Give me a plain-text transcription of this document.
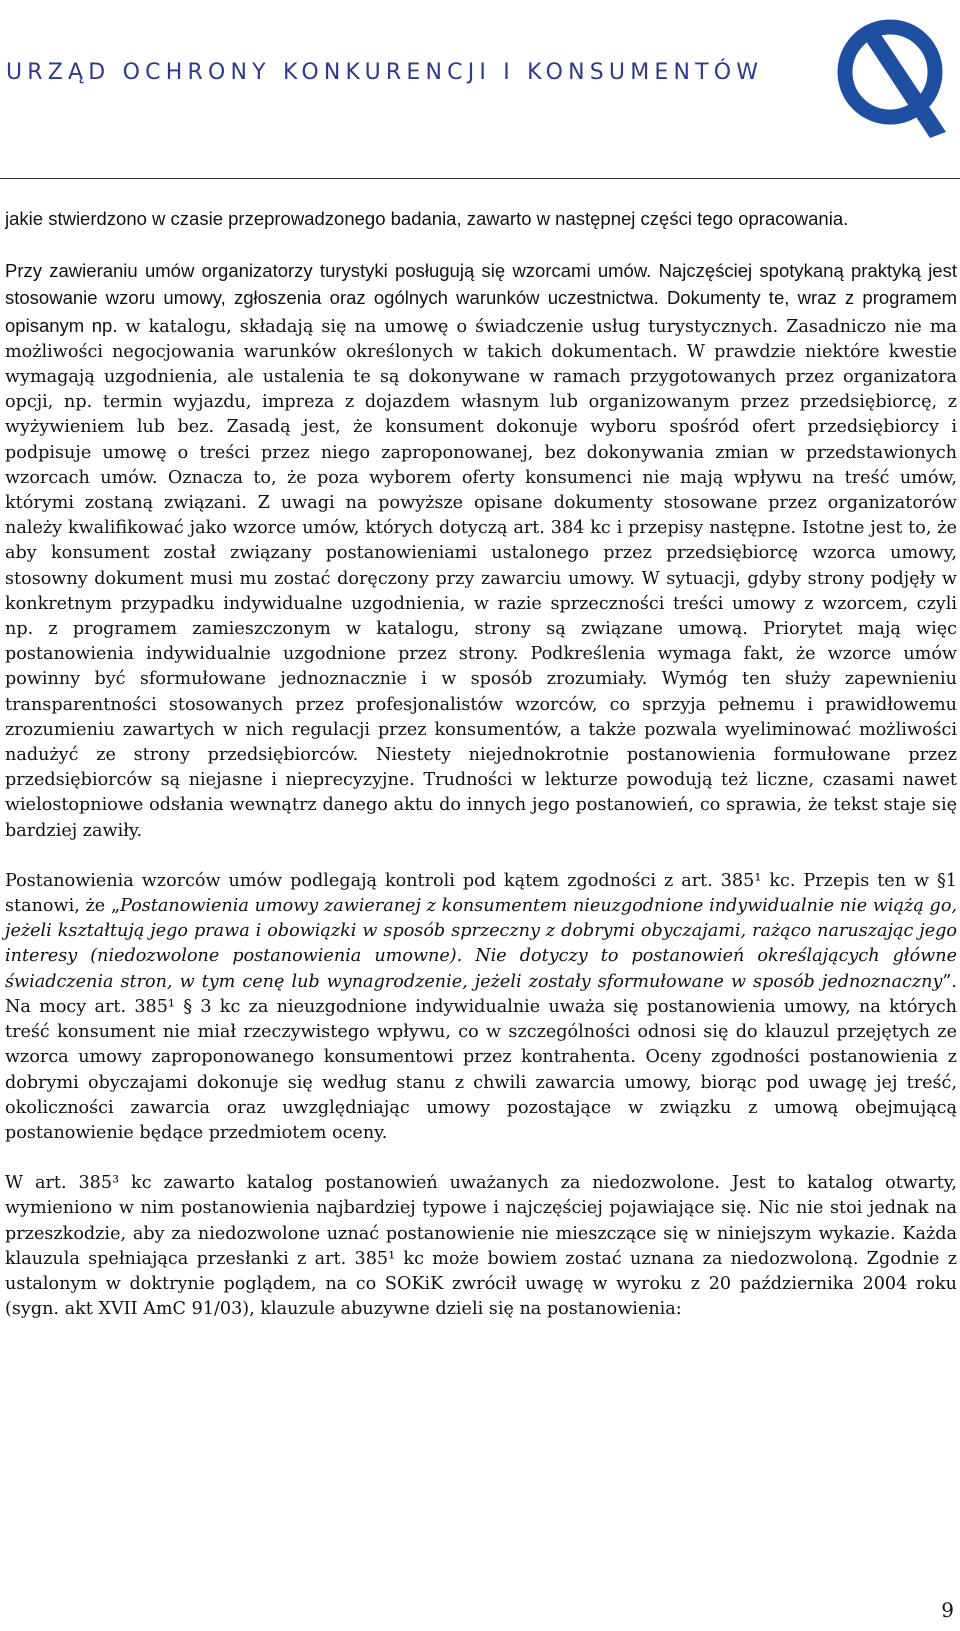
URZĄD OCHRONY KONKURENCJI I KONSUMENTÓW

jakie stwierdzono w czasie przeprowadzonego badania, zawarto w następnej części tego opracowania.

Przy zawieraniu umów organizatorzy turystyki posługują się wzorcami umów. Najczęściej spotykaną praktyką jest stosowanie wzoru umowy, zgłoszenia oraz ogólnych warunków uczestnictwa. Dokumenty te, wraz z programem opisanym np. w katalogu, składają się na umowę o świadczenie usług turystycznych. Zasadniczo nie ma możliwości negocjowania warunków określonych w takich dokumentach. W prawdzie niektóre kwestie wymagają uzgodnienia, ale ustalenia te są dokonywane w ramach przygotowanych przez organizatora opcji, np. termin wyjazdu, impreza z dojazdem własnym lub organizowanym przez przedsiębiorcę, z wyżywieniem lub bez. Zasadą jest, że konsument dokonuje wyboru spośród ofert przedsiębiorcy i podpisuje umowę o treści przez niego zaproponowanej, bez dokonywania zmian w przedstawionych wzorcach umów. Oznacza to, że poza wyborem oferty konsumenci nie mają wpływu na treść umów, którymi zostaną związani. Z uwagi na powyższe opisane dokumenty stosowane przez organizatorów należy kwalifikować jako wzorce umów, których dotyczą art. 384 kc i przepisy następne. Istotne jest to, że aby konsument został związany postanowieniami ustalonego przez przedsiębiorcę wzorca umowy, stosowny dokument musi mu zostać doręczony przy zawarciu umowy. W sytuacji, gdyby strony podjęły w konkretnym przypadku indywidualne uzgodnienia, w razie sprzeczności treści umowy z wzorcem, czyli np. z programem zamieszczonym w katalogu, strony są związane umową. Priorytet mają więc postanowienia indywidualnie uzgodnione przez strony. Podkreślenia wymaga fakt, że wzorce umów powinny być sformułowane jednoznacznie i w sposób zrozumiały. Wymóg ten służy zapewnieniu transparentności stosowanych przez profesjonalistów wzorców, co sprzyja pełnemu i prawidłowemu zrozumieniu zawartych w nich regulacji przez konsumentów, a także pozwala wyeliminować możliwości nadużyć ze strony przedsiębiorców. Niestety niejednokrotnie postanowienia formułowane przez przedsiębiorców są niejasne i nieprecyzyjne. Trudności w lekturze powodują też liczne, czasami nawet wielostopniowe odsłania wewnątrz danego aktu do innych jego postanowień, co sprawia, że tekst staje się bardziej zawiły.

Postanowienia wzorców umów podlegają kontroli pod kątem zgodności z art. 385¹ kc. Przepis ten w §1 stanowi, że „Postanowienia umowy zawieranej z konsumentem nieuzgodnione indywidualnie nie wiążą go, jeżeli kształtują jego prawa i obowiązki w sposób sprzeczny z dobrymi obyczajami, rażąco naruszając jego interesy (niedozwolone postanowienia umowne). Nie dotyczy to postanowień określających główne świadczenia stron, w tym cenę lub wynagrodzenie, jeżeli zostały sformułowane w sposób jednoznaczny”. Na mocy art. 385¹ § 3 kc za nieuzgodnione indywidualnie uważa się postanowienia umowy, na których treść konsument nie miał rzeczywistego wpływu, co w szczególności odnosi się do klauzul przejętych ze wzorca umowy zaproponowanego konsumentowi przez kontrahenta. Oceny zgodności postanowienia z dobrymi obyczajami dokonuje się według stanu z chwili zawarcia umowy, biorąc pod uwagę jej treść, okoliczności zawarcia oraz uwzględniając umowy pozostające w związku z umową obejmującą postanowienie będące przedmiotem oceny.

W art. 385³ kc zawarto katalog postanowień uważanych za niedozwolone. Jest to katalog otwarty, wymieniono w nim postanowienia najbardziej typowe i najczęściej pojawiające się. Nic nie stoi jednak na przeszkodzie, aby za niedozwolone uznać postanowienie nie mieszczące się w niniejszym wykazie. Każda klauzula spełniająca przesłanki z art. 385¹ kc może bowiem zostać uznana za niedozwoloną. Zgodnie z ustalonym w doktrynie poglądem, na co SOKiK zwrócił uwagę w wyroku z 20 października 2004 roku (sygn. akt XVII AmC 91/03), klauzule abuzywne dzieli się na postanowienia:

9
